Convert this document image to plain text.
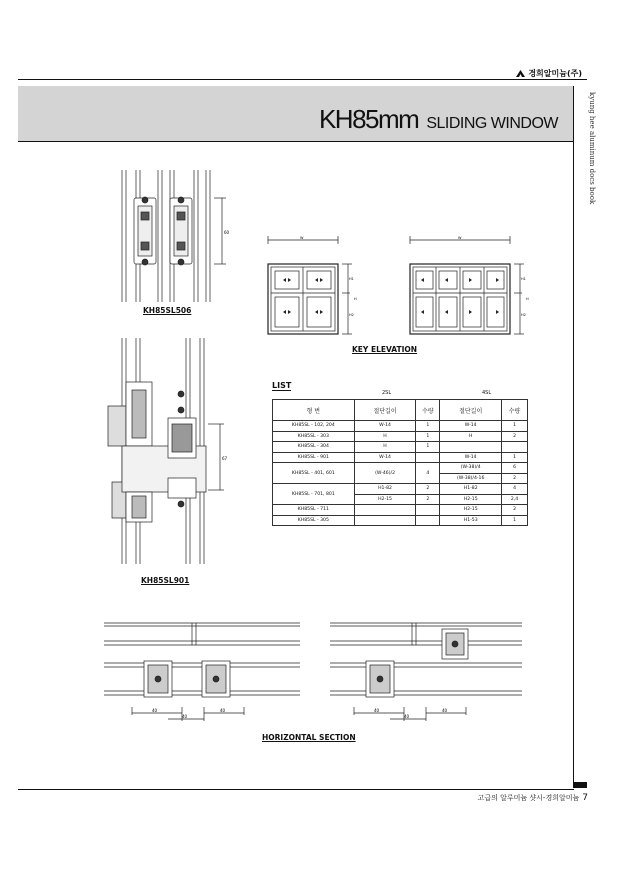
경희알미늄(주)
KH85mm SLIDING WINDOW	kyung hee aluminum docs book
60
KH85SL506
67
KH85SL901
W
H1
H
H2
W
H1
H
H2
KEY ELEVATION
LIST
2SL	4SL
형 번	절단길이	수량	절단길이	수량
KH85SL - 102, 204	W-14	1	W-14	1
KH85SL - 303	H	1	H	2
KH85SL - 304	H	1		
KH85SL - 901	W-14		W-14	1
KH85SL - 401, 601	(W-46)/2	4	(W-38)/4	6
			(W-38)/4-16	2
KH85SL - 701, 801	H1-82	2	H1-82	4
	H2-15	2	H2-15	2,4
KH85SL - 711			H2-15	2
KH85SL - 305			H1-53	1
40
40
40	40
40
40
HORIZONTAL SECTION
고급의 알루미늄 샷시-경희알미늄 7
